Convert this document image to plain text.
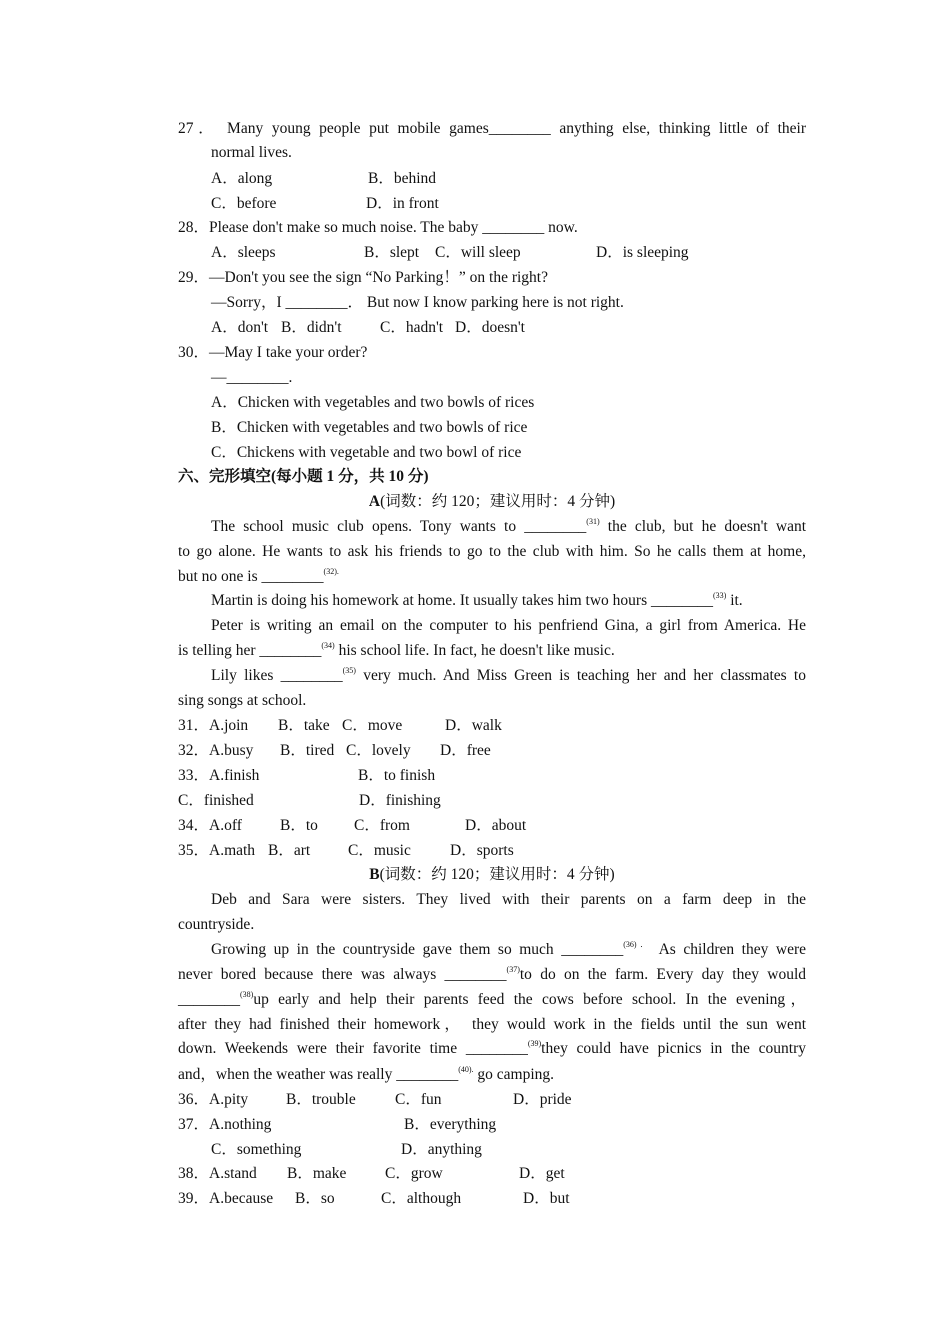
27． Many young people put mobile games________ anything else, thinking little of their
normal lives.
A．along	B．behind
C．before	D．in front
28．Please don't make so much noise. The baby ________ now.
A．sleeps	B．slept C．will sleep	D．is sleeping
29．—Don't you see the sign “No Parking！” on the right?
—Sorry，I ________． But now I know parking here is not right.
A．don't B．didn't C．hadn't D．doesn't
30．—May I take your order?
—________.
A．Chicken with vegetables and two bowls of rices
B．Chicken with vegetables and two bowls of rice
C．Chickens with vegetable and two bowl of rice
六、完形填空(每小题 1 分，共 10 分)
A(词数：约 120；建议用时：4 分钟)
The school music club opens. Tony wants to ________$^{(31)}$ the club, but he doesn't want
to go alone. He wants to ask his friends to go to the club with him. So he calls them at home,
but no one is ________$^{(32).}$
Martin is doing his homework at home. It usually takes him two hours ________$^{(33)}$ it.
Peter is writing an email on the computer to his penfriend Gina, a girl from America. He
is telling her ________$^{(34)}$ his school life. In fact, he doesn't like music.
Lily likes ________$^{(35)}$ very much. And Miss Green is teaching her and her classmates to
sing songs at school.
31．A.join B．take C．move	D．walk
32．A.busy B．tired C．lovely D．free
33．A.finish	B．to finish
C．finished	D．finishing
34．A.off B．to C．from	D．about
35．A.math B．art C．music	D．sports
B(词数：约 120；建议用时：4 分钟)
Deb and Sara were sisters. They lived with their parents on a farm deep in the
countryside.
Growing up in the countryside gave them so much ________$^{(36).}$ As children they were
never bored because there was always ________$^{(37)}$to do on the farm. Every day they would
________$^{(38)}$up early and help their parents feed the cows before school. In the evening，
after they had finished their homework， they would work in the fields until the sun went
down. Weekends were their favorite time ________$^{(39)}$they could have picnics in the country
and，when the weather was really ________$^{(40).}$ go camping.
36．A.pity B．trouble	C．fun	D．pride
37．A.nothing	B．everything
C．something	D．anything
38．A.stand B．make C．grow	D．get
39．A.because B．so	C．although	D．but
